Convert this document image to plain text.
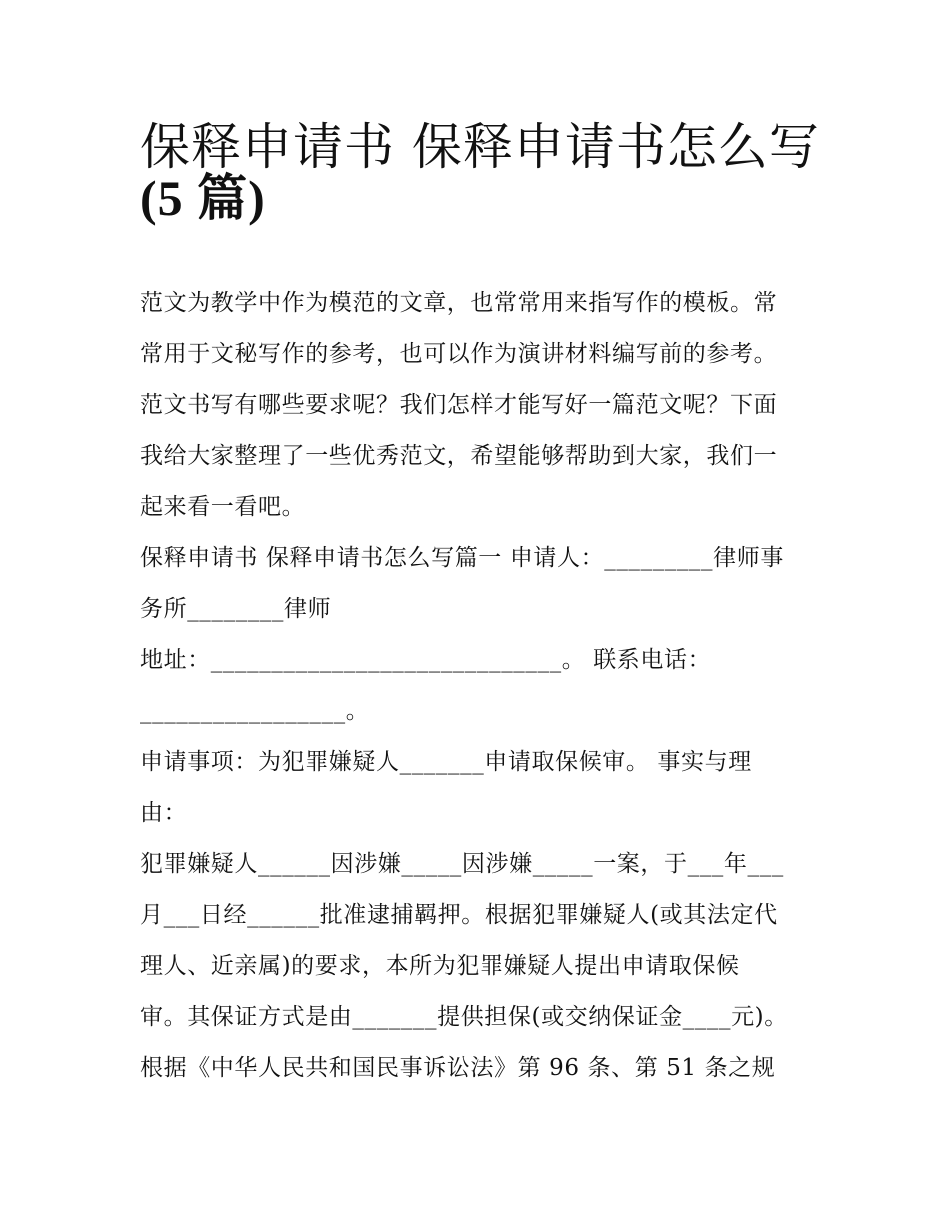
保释申请书 保释申请书怎么写
(5 篇)
范文为教学中作为模范的文章，也常常用来指写作的模板。常
常用于文秘写作的参考，也可以作为演讲材料编写前的参考。
范文书写有哪些要求呢？我们怎样才能写好一篇范文呢？下面
我给大家整理了一些优秀范文，希望能够帮助到大家，我们一
起来看一看吧。
保释申请书 保释申请书怎么写篇一 申请人：_________律师事
务所________律师
地址：_____________________________。 联系电话：
_________________。
申请事项：为犯罪嫌疑人_______申请取保候审。 事实与理
由：
犯罪嫌疑人______因涉嫌_____因涉嫌_____一案，于___年___
月___日经______批准逮捕羁押。根据犯罪嫌疑人(或其法定代
理人、近亲属)的要求，本所为犯罪嫌疑人提出申请取保候
审。其保证方式是由_______提供担保(或交纳保证金____元)。
根据《中华人民共和国民事诉讼法》第 96 条、第 51 条之规
